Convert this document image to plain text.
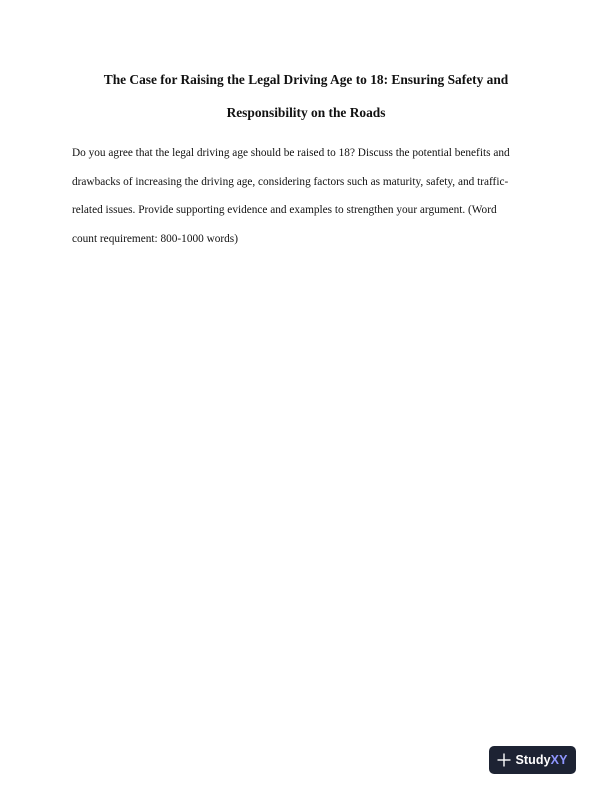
The Case for Raising the Legal Driving Age to 18: Ensuring Safety and
Responsibility on the Roads

Do you agree that the legal driving age should be raised to 18? Discuss the potential benefits and
drawbacks of increasing the driving age, considering factors such as maturity, safety, and traffic-
related issues. Provide supporting evidence and examples to strengthen your argument. (Word
count requirement: 800-1000 words)

StudyXY
